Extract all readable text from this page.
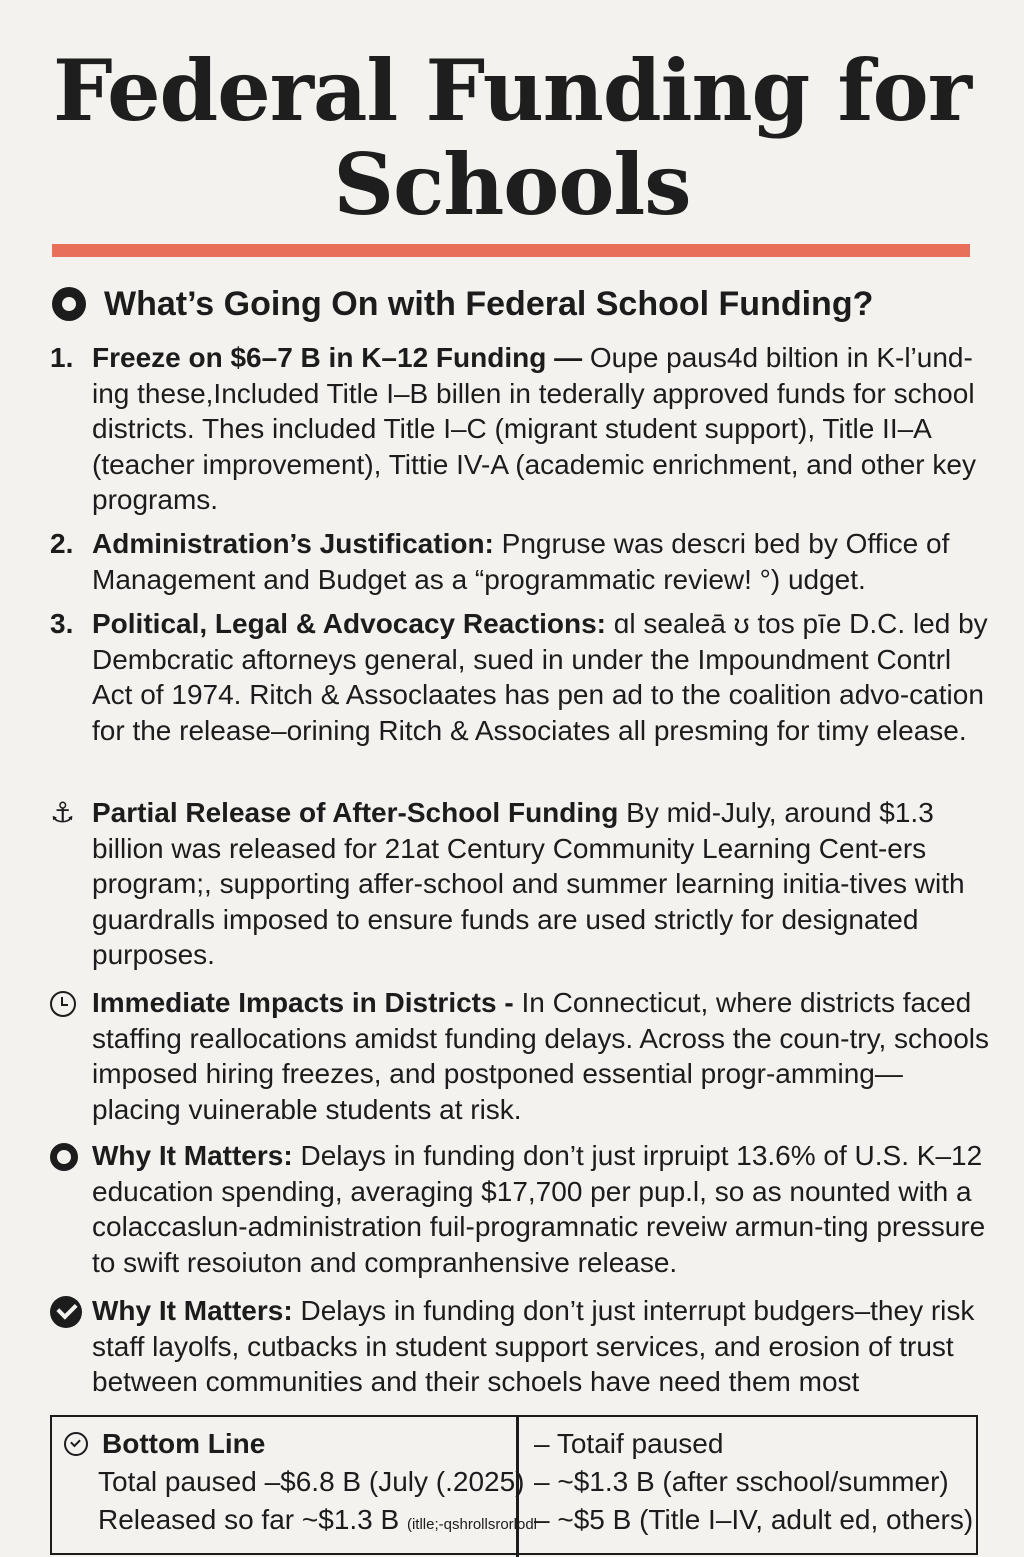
Federal Funding for
Schools
What’s Going On with Federal School Funding?
1. Freeze on $6–7 B in K–12 Funding — Oupe paus4d biltion in K-l’und-ing these,Included Title I–B billen in tederally approved funds for school districts. Thes included Title I–C (migrant student support), Title II–A (teacher improvement), Tittie IV-A (academic enrichment, and other key programs.
2. Administration’s Justification: Pngruse was descri bed by Office of Management and Budget as a “programmatic review! °) udget.
3. Political, Legal & Advocacy Reactions: ɑl sealeā ʊ tos pīe D.C. led by Dembcratic aftornеys general, sued in under the Impoundment Contrl Act of 1974. Ritch & Assoclaates has pen ad to the coalition advo-cation for the release–orining Ritch & Associates all presming for timy elease.
⚓ Partial Release of After-School Funding By mid-July, around $1.3 billion was released for 21at Century Community Learning Cent-ers program;, supporting affer-school and summer learning initia-tives with guardralls imposed to ensure funds are used strictly for designated purposes.
Immediate Impacts in Districts - In Connecticut, where districts faced staffing reallocations amidst funding delays. Across the coun-try, schools imposed hiring freezes, and postponed essential progr-amming—placing vuinerable students at risk.
Why It Matters: Delays in funding don’t just irpruipt 13.6% of U.S. K–12 education spending, averaging $17,700 per pup.l, so as nounted with a colaccaslun-administration fuil-programnatic reveiw armun-ting pressure to swift resoiuton and compranhensive release.
Why It Matters: Delays in funding don’t just interrupt budgers–they risk staff layolfs, cutbacks in student support services, and erosion of trust between communities and their schoels have need them most
Bottom Line
Total paused –$6.8 B (July (.2025)
Released so far ~$1.3 B (itlle;-qshrollsrorlodl
– Totaif paused
– ~$1.3 B (after sschool/summer)
– ~$5 B (Title I–IV, adult ed, others)
